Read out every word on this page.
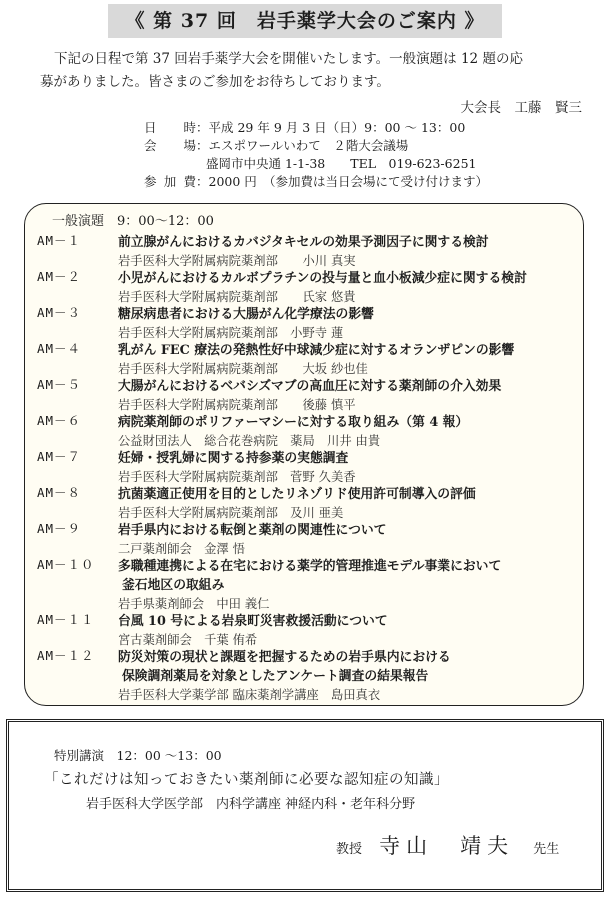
《 第 37 回　岩手薬学大会のご案内 》

下記の日程で第 37 回岩手薬学大会を開催いたします。一般演題は 12 題の応

募がありました。皆さまのご参加をお待ちしております。

大会長　工藤　賢三
日　時：平成 29 年 9 月 3 日（日）9：00 ～ 13：00
会　場：エスポワールいわて　２階大会議場
盛岡市中央通 1-1-38　　TEL　019-623-6251
参加費：2000 円　（参加費は当日会場にて受け付けます）
一般演題　9：00～12：00
AM－１	前立腺がんにおけるカバジタキセルの効果予測因子に関する検討
岩手医科大学附属病院薬剤部　　小川 真実
AM－２	小児がんにおけるカルボプラチンの投与量と血小板減少症に関する検討
岩手医科大学附属病院薬剤部　　氏家 悠貴
AM－３	糖尿病患者における大腸がん化学療法の影響
岩手医科大学附属病院薬剤部　小野寺 蓮
AM－４	乳がん FEC 療法の発熱性好中球減少症に対するオランザピンの影響
岩手医科大学附属病院薬剤部　　大坂 紗也佳
AM－５	大腸がんにおけるベバシズマブの高血圧に対する薬剤師の介入効果
岩手医科大学附属病院薬剤部　　後藤 慎平
AM－６	病院薬剤師のポリファーマシーに対する取り組み（第 4 報）
公益財団法人　総合花巻病院　薬局　川井 由貴
AM－７	妊婦・授乳婦に関する持参薬の実態調査
岩手医科大学附属病院薬剤部　菅野 久美香
AM－８	抗菌薬適正使用を目的としたリネゾリド使用許可制導入の評価
岩手医科大学附属病院薬剤部　及川 亜美
AM－９	岩手県内における転倒と薬剤の関連性について
二戸薬剤師会　金澤 悟
AM－１０	多職種連携による在宅における薬学的管理推進モデル事業において
釜石地区の取組み
岩手県薬剤師会　中田 義仁
AM－１１	台風 10 号による岩泉町災害救援活動について
宮古薬剤師会　千葉 侑希
AM－１２	防災対策の現状と課題を把握するための岩手県内における
保険調剤薬局を対象としたアンケート調査の結果報告
岩手医科大学薬学部 臨床薬剤学講座　島田真衣
特別講演　12：00 ～13：00
「これだけは知っておきたい薬剤師に必要な認知症の知識」
岩手医科大学医学部　内科学講座 神経内科・老年科分野
教授 寺山　靖夫 先生
